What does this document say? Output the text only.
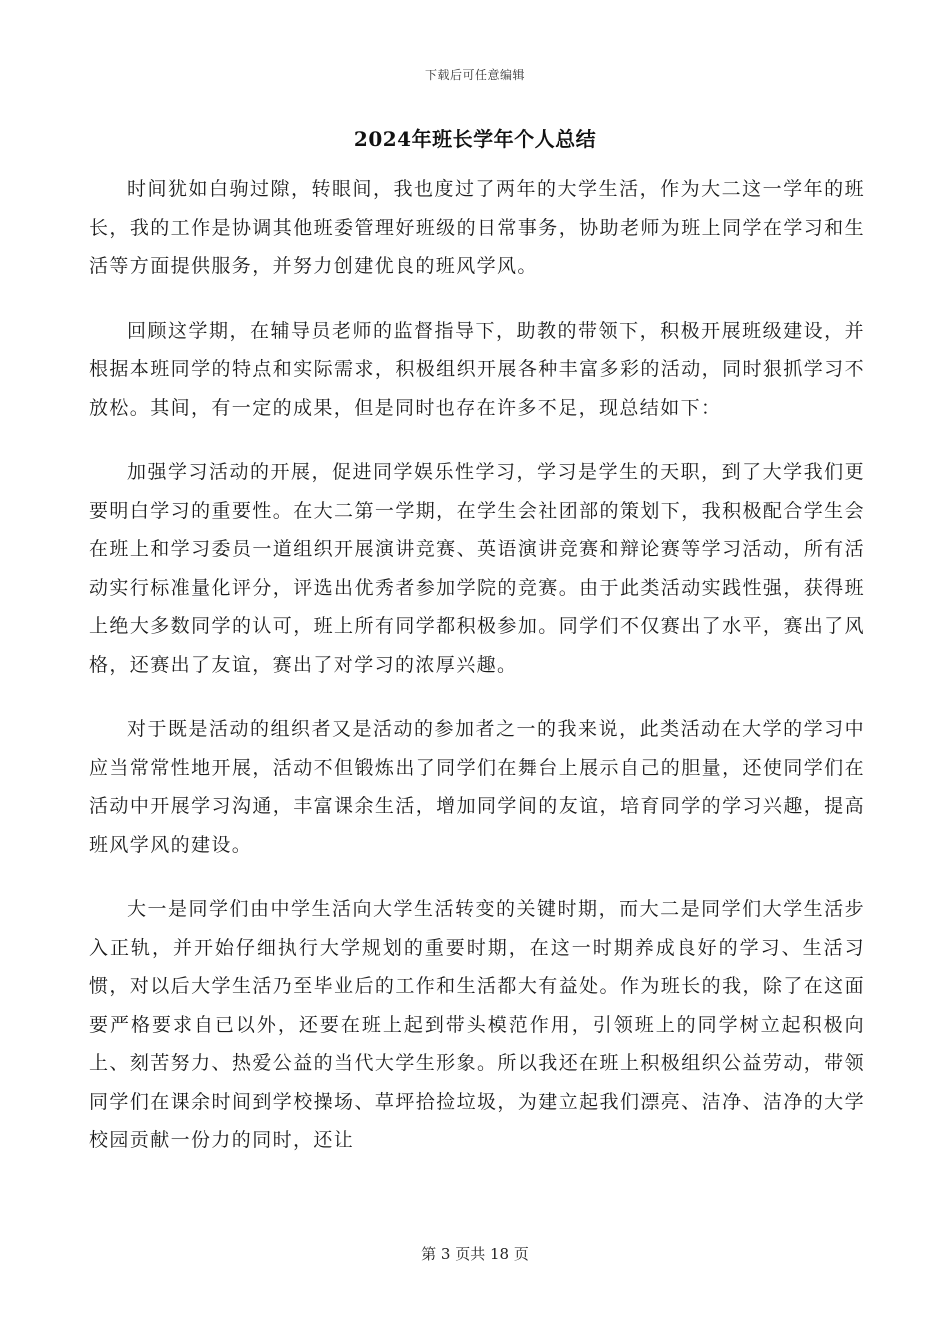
下载后可任意编辑
2024年班长学年个人总结

时间犹如白驹过隙，转眼间，我也度过了两年的大学生活，作为大二这一学年的班长，我的工作是协调其他班委管理好班级的日常事务，协助老师为班上同学在学习和生活等方面提供服务，并努力创建优良的班风学风。

回顾这学期，在辅导员老师的监督指导下，助教的带领下，积极开展班级建设，并根据本班同学的特点和实际需求，积极组织开展各种丰富多彩的活动，同时狠抓学习不放松。其间，有一定的成果，但是同时也存在许多不足，现总结如下：

加强学习活动的开展，促进同学娱乐性学习，学习是学生的天职，到了大学我们更要明白学习的重要性。在大二第一学期，在学生会社团部的策划下，我积极配合学生会在班上和学习委员一道组织开展演讲竞赛、英语演讲竞赛和辩论赛等学习活动，所有活动实行标准量化评分，评选出优秀者参加学院的竞赛。由于此类活动实践性强，获得班上绝大多数同学的认可，班上所有同学都积极参加。同学们不仅赛出了水平，赛出了风格，还赛出了友谊，赛出了对学习的浓厚兴趣。

对于既是活动的组织者又是活动的参加者之一的我来说，此类活动在大学的学习中应当常常性地开展，活动不但锻炼出了同学们在舞台上展示自己的胆量，还使同学们在活动中开展学习沟通，丰富课余生活，增加同学间的友谊，培育同学的学习兴趣，提高班风学风的建设。

大一是同学们由中学生活向大学生活转变的关键时期，而大二是同学们大学生活步入正轨，并开始仔细执行大学规划的重要时期，在这一时期养成良好的学习、生活习惯，对以后大学生活乃至毕业后的工作和生活都大有益处。作为班长的我，除了在这面要严格要求自已以外，还要在班上起到带头模范作用，引领班上的同学树立起积极向上、刻苦努力、热爱公益的当代大学生形象。所以我还在班上积极组织公益劳动，带领同学们在课余时间到学校操场、草坪拾捡垃圾，为建立起我们漂亮、洁净、洁净的大学校园贡献一份力的同时，还让

第 3 页共 18 页
